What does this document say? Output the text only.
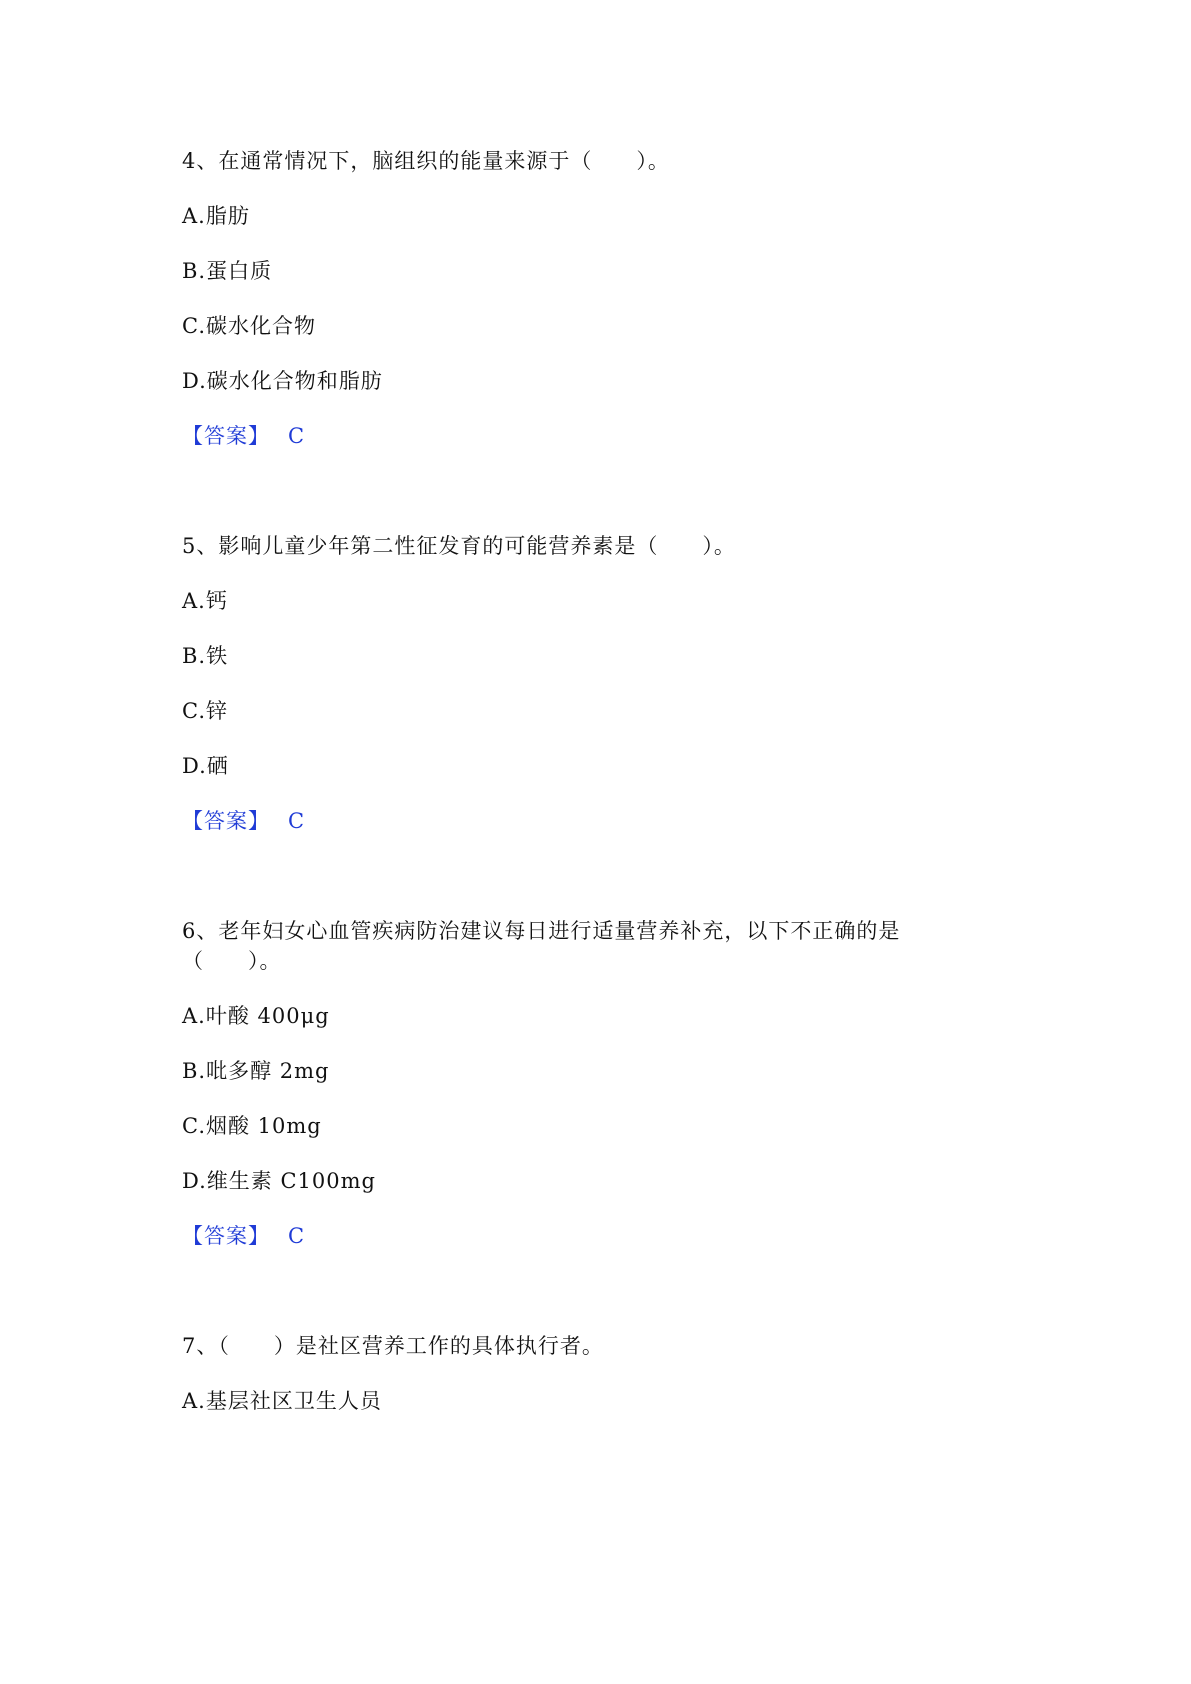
4、在通常情况下，脑组织的能量来源于（　　）。
A.脂肪
B.蛋白质
C.碳水化合物
D.碳水化合物和脂肪
【答案】 C
5、影响儿童少年第二性征发育的可能营养素是（　　）。
A.钙
B.铁
C.锌
D.硒
【答案】 C
6、老年妇女心血管疾病防治建议每日进行适量营养补充，以下不正确的是
（　　）。
A.叶酸 400μg
B.吡多醇 2mg
C.烟酸 10mg
D.维生素 C100mg
【答案】 C
7、（　　）是社区营养工作的具体执行者。
A.基层社区卫生人员
